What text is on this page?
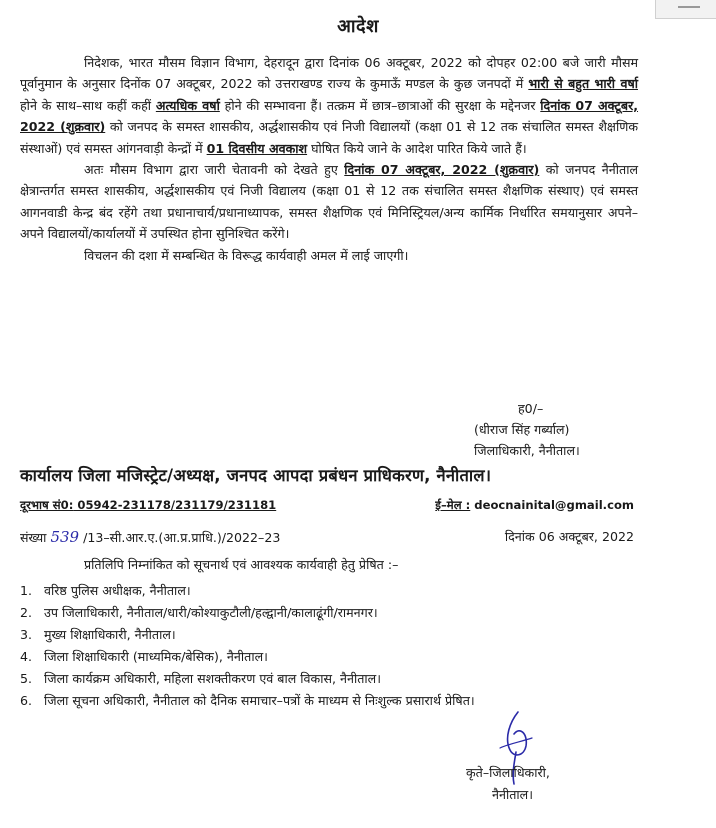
आदेश

निदेशक, भारत मौसम विज्ञान विभाग, देहरादून द्वारा दिनांक 06 अक्टूबर, 2022 को दोपहर 02:00 बजे जारी मौसम पूर्वानुमान के अनुसार दिनोंक 07 अक्टूबर, 2022 को उत्तराखण्ड राज्य के कुमाऊँ मण्डल के कुछ जनपदों में भारी से बहुत भारी वर्षा होने के साथ–साथ कहीं कहीं अत्यधिक वर्षा होने की सम्भावना हैं। तत्क्रम में छात्र–छात्राओं की सुरक्षा के मद्देनजर दिनांक 07 अक्टूबर, 2022 (शुक्रवार) को जनपद के समस्त शासकीय, अर्द्धशासकीय एवं निजी विद्यालयों (कक्षा 01 से 12 तक संचालित समस्त शैक्षणिक संस्थाओं) एवं समस्त आंगनवाड़ी केन्द्रों में 01 दिवसीय अवकाश घोषित किये जाने के आदेश पारित किये जाते हैं।

अतः मौसम विभाग द्वारा जारी चेतावनी को देखते हुए दिनांक 07 अक्टूबर, 2022 (शुक्रवार) को जनपद नैनीताल क्षेत्रान्तर्गत समस्त शासकीय, अर्द्धशासकीय एवं निजी विद्यालय (कक्षा 01 से 12 तक संचालित समस्त शैक्षणिक संस्थाए) एवं समस्त आगनवाडी केन्द्र बंद रहेंगे तथा प्रधानाचार्य/प्रधानाध्यापक, समस्त शैक्षणिक एवं मिनिस्ट्रियल/अन्य कार्मिक निर्धारित समयानुसार अपने–अपने विद्यालयों/कार्यालयों में उपस्थित होना सुनिश्चित करेंगे।

विचलन की दशा में सम्बन्धित के विरूद्ध कार्यवाही अमल में लाई जाएगी।

ह0/–
(धीराज सिंह गर्ब्याल)
जिलाधिकारी, नैनीताल।
कार्यालय जिला मजिस्ट्रेट/अध्यक्ष, जनपद आपदा प्रबंधन प्राधिकरण, नैनीताल।
दूरभाष सं0: 05942-231178/231179/231181	ई–मेल : deocnainital@gmail.com
संख्या 539 /13–सी.आर.ए.(आ.प्र.प्राधि.)/2022–23	दिनांक 06 अक्टूबर, 2022
प्रतिलिपि निम्नांकित को सूचनार्थ एवं आवश्यक कार्यवाही हेतु प्रेषित :–
1. वरिष्ठ पुलिस अधीक्षक, नैनीताल।
2. उप जिलाधिकारी, नैनीताल/धारी/कोश्याकुटौली/हल्द्वानी/कालाढूंगी/रामनगर।
3. मुख्य शिक्षाधिकारी, नैनीताल।
4. जिला शिक्षाधिकारी (माध्यमिक/बेसिक), नैनीताल।
5. जिला कार्यक्रम अधिकारी, महिला सशक्तीकरण एवं बाल विकास, नैनीताल।
6. जिला सूचना अधिकारी, नैनीताल को दैनिक समाचार–पत्रों के माध्यम से निःशुल्क प्रसारार्थ प्रेषित।
कृते–जिलाधिकारी,
नैनीताल।
